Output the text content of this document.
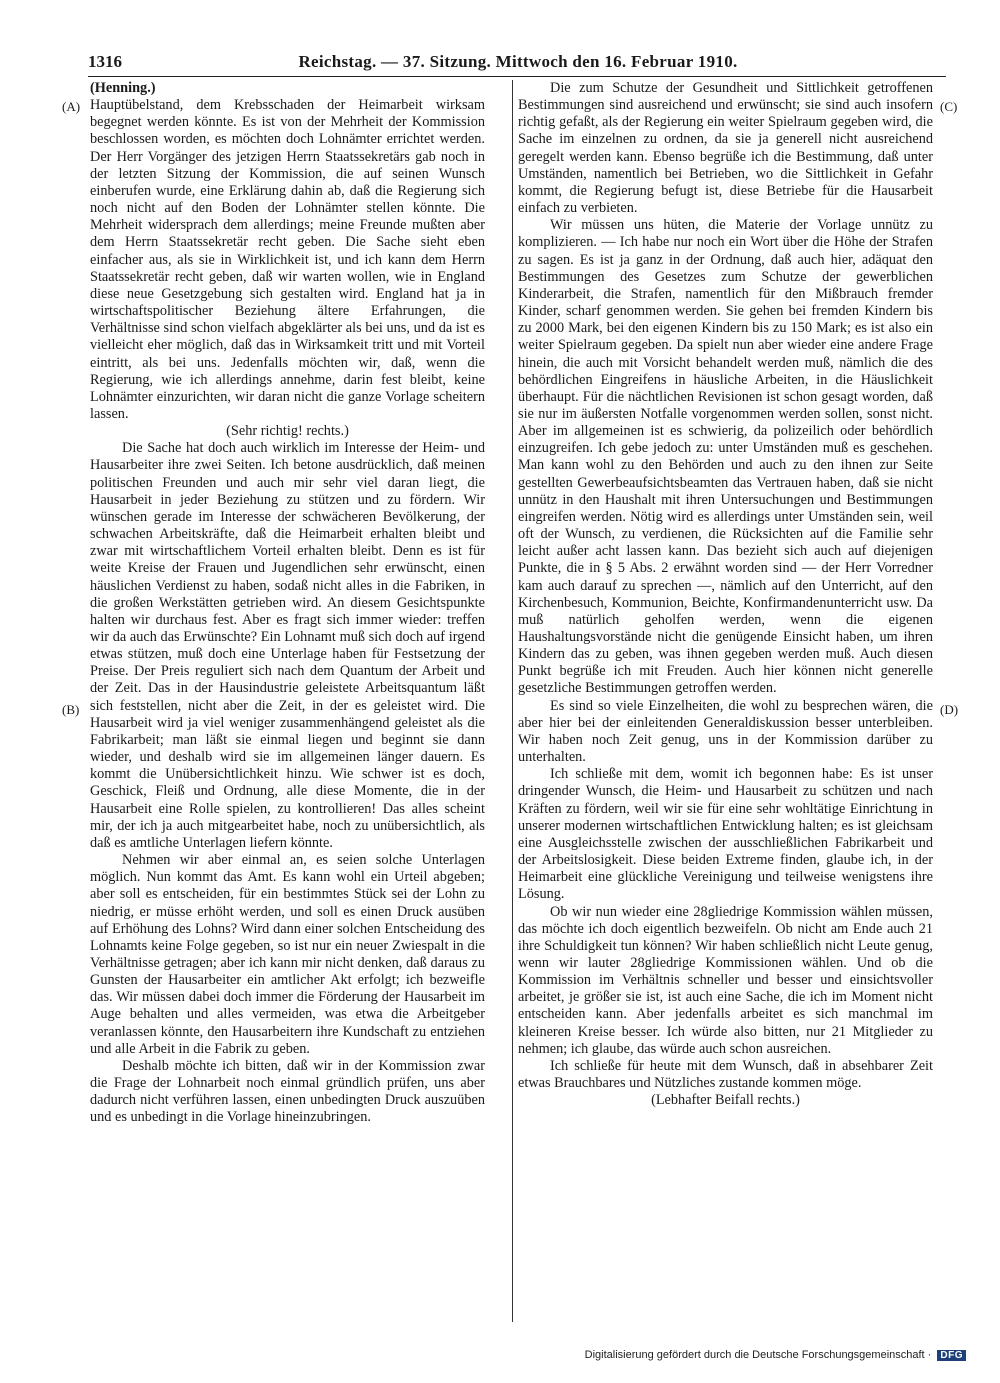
1316	Reichstag. — 37. Sitzung. Mittwoch den 16. Februar 1910.
(A)
(B)
(C)
(D)

(Henning.)

Hauptübelstand, dem Krebsschaden der Heimarbeit wirksam begegnet werden könnte. Es ist von der Mehrheit der Kommission beschlossen worden, es möchten doch Lohnämter errichtet werden. Der Herr Vorgänger des jetzigen Herrn Staatssekretärs gab noch in der letzten Sitzung der Kommission, die auf seinen Wunsch einberufen wurde, eine Erklärung dahin ab, daß die Regierung sich noch nicht auf den Boden der Lohnämter stellen könnte. Die Mehrheit widersprach dem allerdings; meine Freunde mußten aber dem Herrn Staatssekretär recht geben. Die Sache sieht eben einfacher aus, als sie in Wirklichkeit ist, und ich kann dem Herrn Staatssekretär recht geben, daß wir warten wollen, wie in England diese neue Gesetzgebung sich gestalten wird. England hat ja in wirtschaftspolitischer Beziehung ältere Erfahrungen, die Verhältnisse sind schon vielfach abgeklärter als bei uns, und da ist es vielleicht eher möglich, daß das in Wirksamkeit tritt und mit Vorteil eintritt, als bei uns. Jedenfalls möchten wir, daß, wenn die Regierung, wie ich allerdings annehme, darin fest bleibt, keine Lohnämter einzurichten, wir daran nicht die ganze Vorlage scheitern lassen.

(Sehr richtig! rechts.)

Die Sache hat doch auch wirklich im Interesse der Heim- und Hausarbeiter ihre zwei Seiten. Ich betone ausdrücklich, daß meinen politischen Freunden und auch mir sehr viel daran liegt, die Hausarbeit in jeder Beziehung zu stützen und zu fördern. Wir wünschen gerade im Interesse der schwächeren Bevölkerung, der schwachen Arbeitskräfte, daß die Heimarbeit erhalten bleibt und zwar mit wirtschaftlichem Vorteil erhalten bleibt. Denn es ist für weite Kreise der Frauen und Jugendlichen sehr erwünscht, einen häuslichen Verdienst zu haben, sodaß nicht alles in die Fabriken, in die großen Werkstätten getrieben wird. An diesem Gesichtspunkte halten wir durchaus fest. Aber es fragt sich immer wieder: treffen wir da auch das Erwünschte? Ein Lohnamt muß sich doch auf irgend etwas stützen, muß doch eine Unterlage haben für Festsetzung der Preise. Der Preis reguliert sich nach dem Quantum der Arbeit und der Zeit. Das in der Hausindustrie geleistete Arbeitsquantum läßt sich feststellen, nicht aber die Zeit, in der es geleistet wird. Die Hausarbeit wird ja viel weniger zusammenhängend geleistet als die Fabrikarbeit; man läßt sie einmal liegen und beginnt sie dann wieder, und deshalb wird sie im allgemeinen länger dauern. Es kommt die Unübersichtlichkeit hinzu. Wie schwer ist es doch, Geschick, Fleiß und Ordnung, alle diese Momente, die in der Hausarbeit eine Rolle spielen, zu kontrollieren! Das alles scheint mir, der ich ja auch mitgearbeitet habe, noch zu unübersichtlich, als daß es amtliche Unterlagen liefern könnte.

Nehmen wir aber einmal an, es seien solche Unterlagen möglich. Nun kommt das Amt. Es kann wohl ein Urteil abgeben; aber soll es entscheiden, für ein bestimmtes Stück sei der Lohn zu niedrig, er müsse erhöht werden, und soll es einen Druck ausüben auf Erhöhung des Lohns? Wird dann einer solchen Entscheidung des Lohnamts keine Folge gegeben, so ist nur ein neuer Zwiespalt in die Verhältnisse getragen; aber ich kann mir nicht denken, daß daraus zu Gunsten der Hausarbeiter ein amtlicher Akt erfolgt; ich bezweifle das. Wir müssen dabei doch immer die Förderung der Hausarbeit im Auge behalten und alles vermeiden, was etwa die Arbeitgeber veranlassen könnte, den Hausarbeitern ihre Kundschaft zu entziehen und alle Arbeit in die Fabrik zu geben.

Deshalb möchte ich bitten, daß wir in der Kommission zwar die Frage der Lohnarbeit noch einmal gründlich prüfen, uns aber dadurch nicht verführen lassen, einen unbedingten Druck auszuüben und es unbedingt in die Vorlage hineinzubringen.

Die zum Schutze der Gesundheit und Sittlichkeit getroffenen Bestimmungen sind ausreichend und erwünscht; sie sind auch insofern richtig gefaßt, als der Regierung ein weiter Spielraum gegeben wird, die Sache im einzelnen zu ordnen, da sie ja generell nicht ausreichend geregelt werden kann. Ebenso begrüße ich die Bestimmung, daß unter Umständen, namentlich bei Betrieben, wo die Sittlichkeit in Gefahr kommt, die Regierung befugt ist, diese Betriebe für die Hausarbeit einfach zu verbieten.

Wir müssen uns hüten, die Materie der Vorlage unnütz zu komplizieren. — Ich habe nur noch ein Wort über die Höhe der Strafen zu sagen. Es ist ja ganz in der Ordnung, daß auch hier, adäquat den Bestimmungen des Gesetzes zum Schutze der gewerblichen Kinderarbeit, die Strafen, namentlich für den Mißbrauch fremder Kinder, scharf genommen werden. Sie gehen bei fremden Kindern bis zu 2000 Mark, bei den eigenen Kindern bis zu 150 Mark; es ist also ein weiter Spielraum gegeben. Da spielt nun aber wieder eine andere Frage hinein, die auch mit Vorsicht behandelt werden muß, nämlich die des behördlichen Eingreifens in häusliche Arbeiten, in die Häuslichkeit überhaupt. Für die nächtlichen Revisionen ist schon gesagt worden, daß sie nur im äußersten Notfalle vorgenommen werden sollen, sonst nicht. Aber im allgemeinen ist es schwierig, da polizeilich oder behördlich einzugreifen. Ich gebe jedoch zu: unter Umständen muß es geschehen. Man kann wohl zu den Behörden und auch zu den ihnen zur Seite gestellten Gewerbeaufsichtsbeamten das Vertrauen haben, daß sie nicht unnütz in den Haushalt mit ihren Untersuchungen und Bestimmungen eingreifen werden. Nötig wird es allerdings unter Umständen sein, weil oft der Wunsch, zu verdienen, die Rücksichten auf die Familie sehr leicht außer acht lassen kann. Das bezieht sich auch auf diejenigen Punkte, die in § 5 Abs. 2 erwähnt worden sind — der Herr Vorredner kam auch darauf zu sprechen —, nämlich auf den Unterricht, auf den Kirchenbesuch, Kommunion, Beichte, Konfirmandenunterricht usw. Da muß natürlich geholfen werden, wenn die eigenen Haushaltungsvorstände nicht die genügende Einsicht haben, um ihren Kindern das zu geben, was ihnen gegeben werden muß. Auch diesen Punkt begrüße ich mit Freuden. Auch hier können nicht generelle gesetzliche Bestimmungen getroffen werden.

Es sind so viele Einzelheiten, die wohl zu besprechen wären, die aber hier bei der einleitenden Generaldiskussion besser unterbleiben. Wir haben noch Zeit genug, uns in der Kommission darüber zu unterhalten.

Ich schließe mit dem, womit ich begonnen habe: Es ist unser dringender Wunsch, die Heim- und Hausarbeit zu schützen und nach Kräften zu fördern, weil wir sie für eine sehr wohltätige Einrichtung in unserer modernen wirtschaftlichen Entwicklung halten; es ist gleichsam eine Ausgleichsstelle zwischen der ausschließlichen Fabrikarbeit und der Arbeitslosigkeit. Diese beiden Extreme finden, glaube ich, in der Heimarbeit eine glückliche Vereinigung und teilweise wenigstens ihre Lösung.

Ob wir nun wieder eine 28gliedrige Kommission wählen müssen, das möchte ich doch eigentlich bezweifeln. Ob nicht am Ende auch 21 ihre Schuldigkeit tun können? Wir haben schließlich nicht Leute genug, wenn wir lauter 28gliedrige Kommissionen wählen. Und ob die Kommission im Verhältnis schneller und besser und einsichtsvoller arbeitet, je größer sie ist, ist auch eine Sache, die ich im Moment nicht entscheiden kann. Aber jedenfalls arbeitet es sich manchmal im kleineren Kreise besser. Ich würde also bitten, nur 21 Mitglieder zu nehmen; ich glaube, das würde auch schon ausreichen.

Ich schließe für heute mit dem Wunsch, daß in absehbarer Zeit etwas Brauchbares und Nützliches zustande kommen möge.

(Lebhafter Beifall rechts.)

Digitalisierung gefördert durch die Deutsche Forschungsgemeinschaft · DFG
